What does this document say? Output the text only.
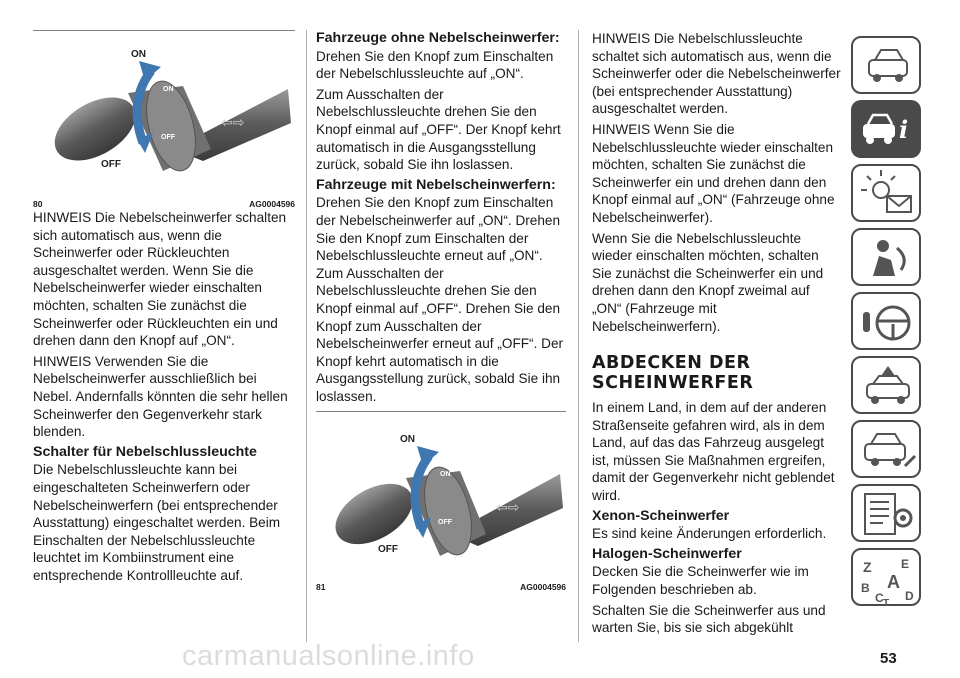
ON
OFF
⇦⇨
ON
OFF
80	AG0004596

HINWEIS Die Nebelscheinwerfer schalten sich automatisch aus, wenn die Scheinwerfer oder Rückleuchten ausgeschaltet werden. Wenn Sie die Nebelscheinwerfer wieder einschalten möchten, schalten Sie zunächst die Scheinwerfer oder Rückleuchten ein und drehen dann den Knopf auf „ON“.

HINWEIS Verwenden Sie die Nebelscheinwerfer ausschließlich bei Nebel. Andernfalls könnten die sehr hellen Scheinwerfer den Gegenverkehr stark blenden.

Schalter für Nebelschlussleuchte

Die Nebelschlussleuchte kann bei eingeschalteten Scheinwerfern oder Nebelscheinwerfern (bei entsprechender Ausstattung) eingeschaltet werden. Beim Einschalten der Nebelschlussleuchte leuchtet im Kombiinstrument eine entsprechende Kontrollleuchte auf.

Fahrzeuge ohne Nebelscheinwerfer:

Drehen Sie den Knopf zum Einschalten der Nebelschlussleuchte auf „ON“.

Zum Ausschalten der Nebelschlussleuchte drehen Sie den Knopf einmal auf „OFF“. Der Knopf kehrt automatisch in die Ausgangsstellung zurück, sobald Sie ihn loslassen.

Fahrzeuge mit Nebelscheinwerfern:

Drehen Sie den Knopf zum Einschalten der Nebelscheinwerfer auf „ON“. Drehen Sie den Knopf zum Einschalten der Nebelschlussleuchte erneut auf „ON“. Zum Ausschalten der Nebelschlussleuchte drehen Sie den Knopf einmal auf „OFF“. Drehen Sie den Knopf zum Ausschalten der Nebelscheinwerfer erneut auf „OFF“. Der Knopf kehrt automatisch in die Ausgangsstellung zurück, sobald Sie ihn loslassen.

ON
OFF
⇦⇨
ON
OFF
81	AG0004596

HINWEIS Die Nebelschlussleuchte schaltet sich automatisch aus, wenn die Scheinwerfer oder die Nebelscheinwerfer (bei entsprechender Ausstattung) ausgeschaltet werden.

HINWEIS Wenn Sie die Nebelschlussleuchte wieder einschalten möchten, schalten Sie zunächst die Scheinwerfer ein und drehen dann den Knopf einmal auf „ON“ (Fahrzeuge ohne Nebelscheinwerfer).

Wenn Sie die Nebelschlussleuchte wieder einschalten möchten, schalten Sie zunächst die Scheinwerfer ein und drehen dann den Knopf zweimal auf „ON“ (Fahrzeuge mit Nebelscheinwerfern).

ABDECKEN DER SCHEINWERFER

In einem Land, in dem auf der anderen Straßenseite gefahren wird, als in dem Land, auf das das Fahrzeug ausgelegt ist, müssen Sie Maßnahmen ergreifen, damit der Gegenverkehr nicht geblendet wird.

Xenon-Scheinwerfer

Es sind keine Änderungen erforderlich.

Halogen-Scheinwerfer

Decken Sie die Scheinwerfer wie im Folgenden beschrieben ab.

Schalten Sie die Scheinwerfer aus und warten Sie, bis sie sich abgekühlt

i
Z E
B A
C T
D
carmanualsonline.info	53
